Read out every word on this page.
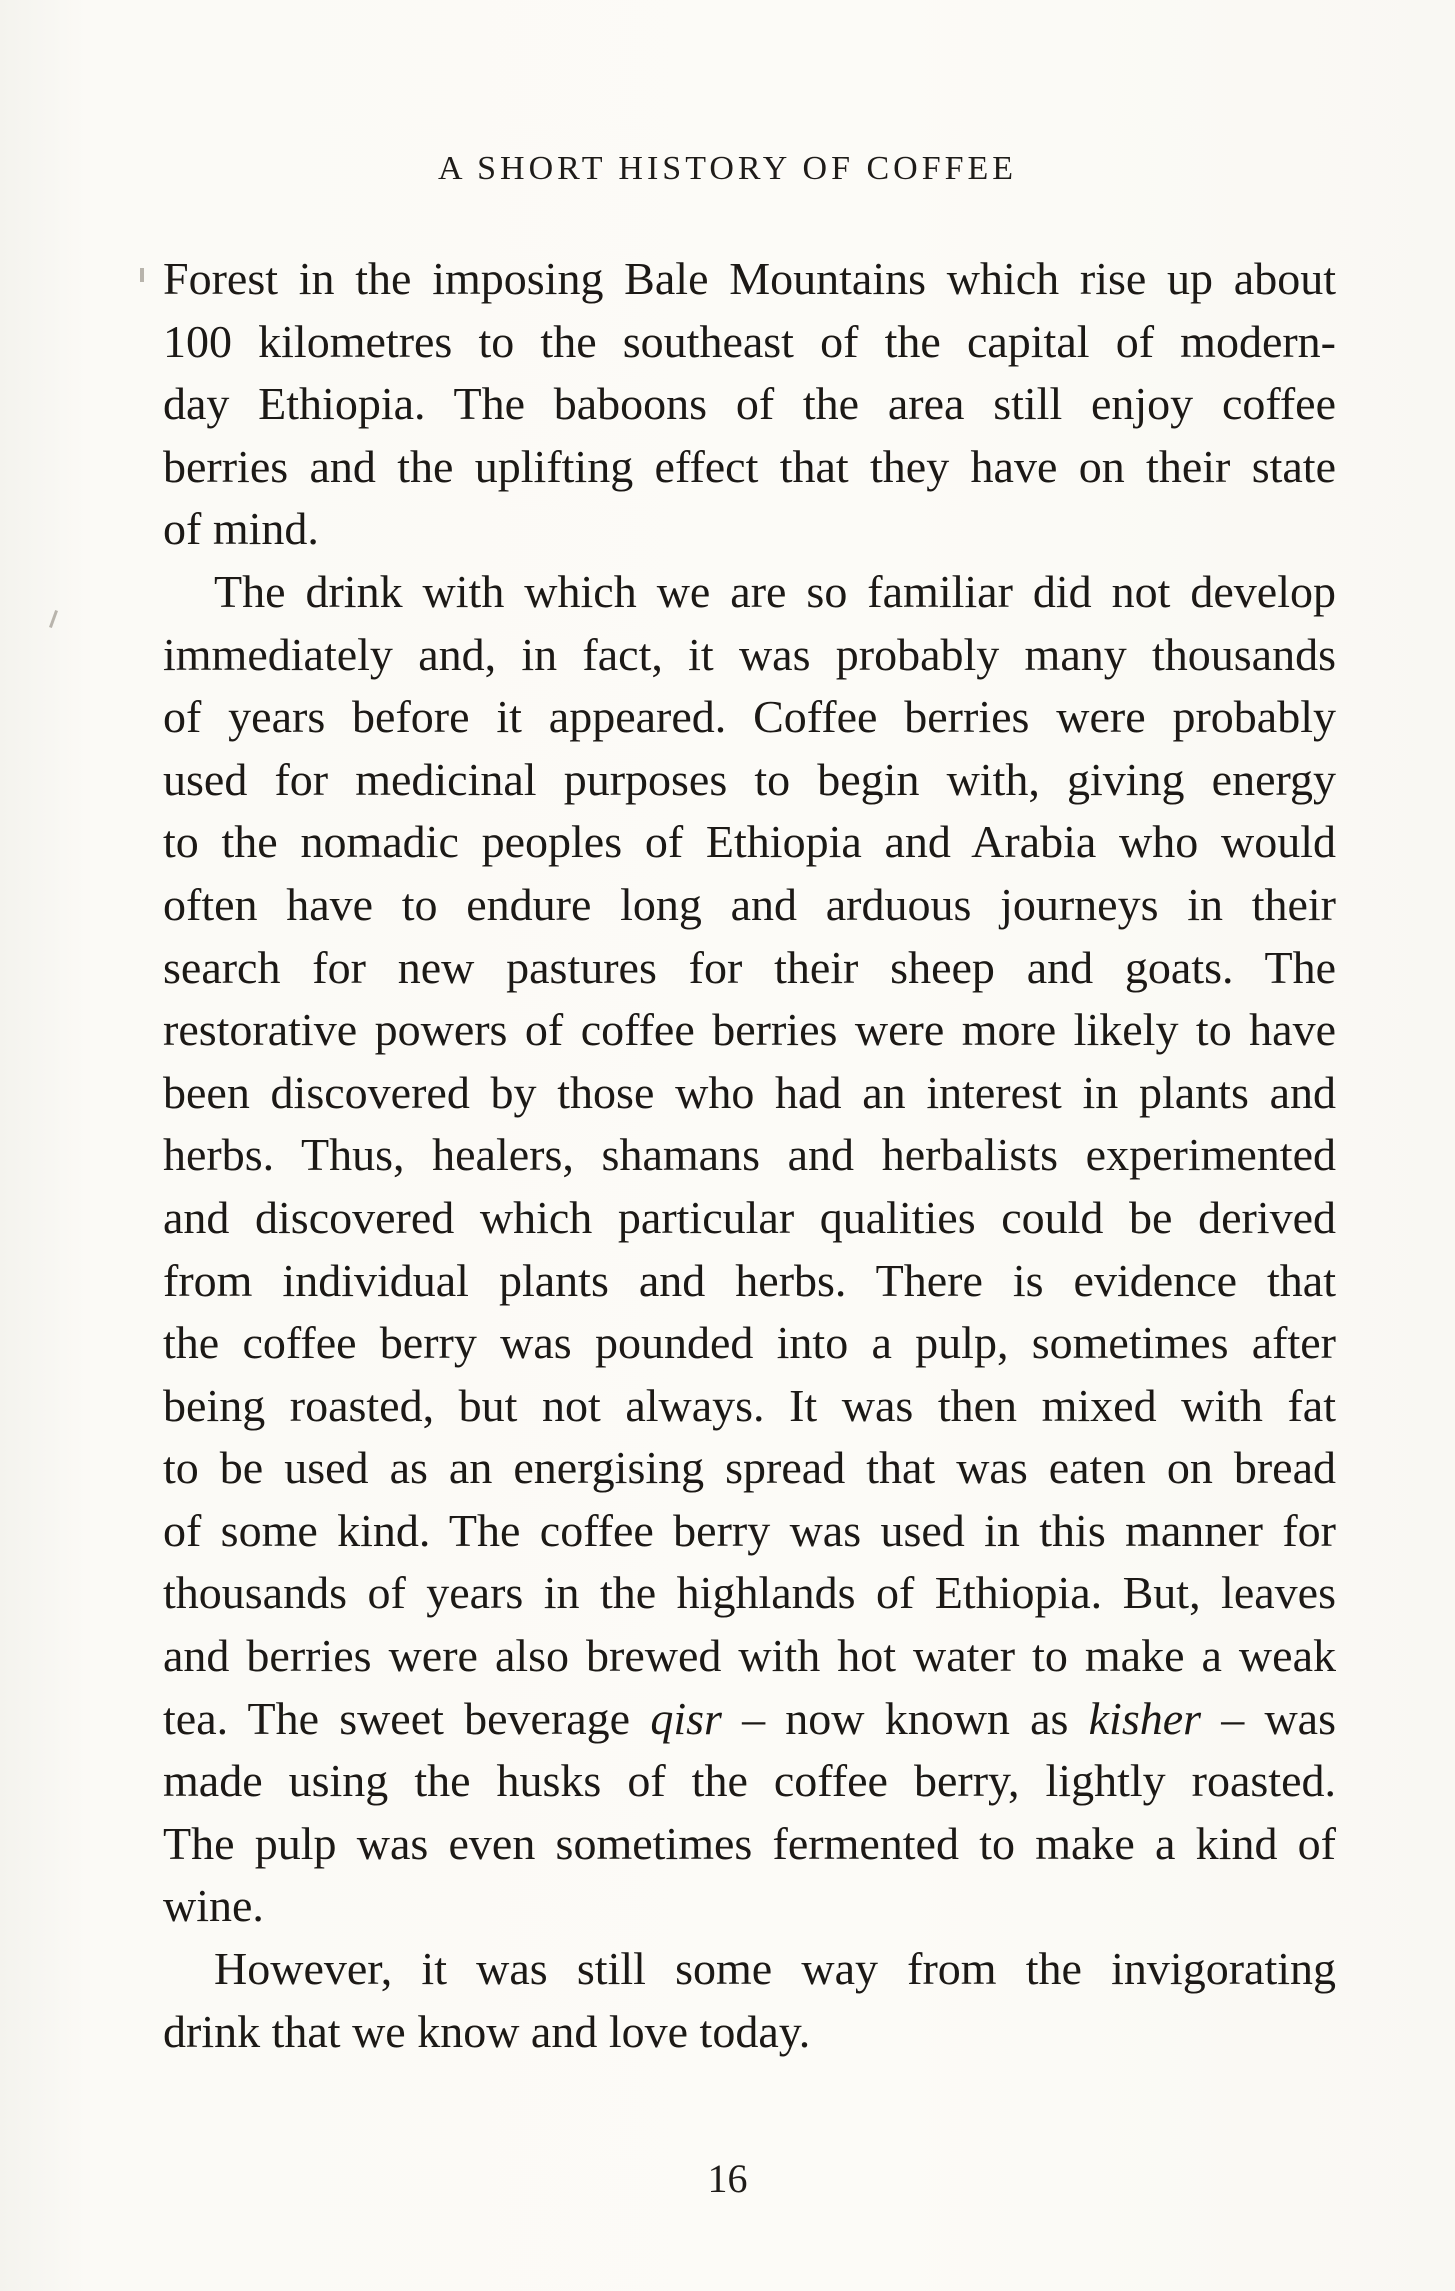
A SHORT HISTORY OF COFFEE

Forest in the imposing Bale Mountains which rise up about

100 kilometres to the southeast of the capital of modern-

day Ethiopia. The baboons of the area still enjoy coffee

berries and the uplifting effect that they have on their state

of mind.

The drink with which we are so familiar did not develop

immediately and, in fact, it was probably many thousands

of years before it appeared. Coffee berries were probably

used for medicinal purposes to begin with, giving energy

to the nomadic peoples of Ethiopia and Arabia who would

often have to endure long and arduous journeys in their

search for new pastures for their sheep and goats. The

restorative powers of coffee berries were more likely to have

been discovered by those who had an interest in plants and

herbs. Thus, healers, shamans and herbalists experimented

and discovered which particular qualities could be derived

from individual plants and herbs. There is evidence that

the coffee berry was pounded into a pulp, sometimes after

being roasted, but not always. It was then mixed with fat

to be used as an energising spread that was eaten on bread

of some kind. The coffee berry was used in this manner for

thousands of years in the highlands of Ethiopia. But, leaves

and berries were also brewed with hot water to make a weak

tea. The sweet beverage qisr – now known as kisher – was

made using the husks of the coffee berry, lightly roasted.

The pulp was even sometimes fermented to make a kind of

wine.

However, it was still some way from the invigorating

drink that we know and love today.

16
